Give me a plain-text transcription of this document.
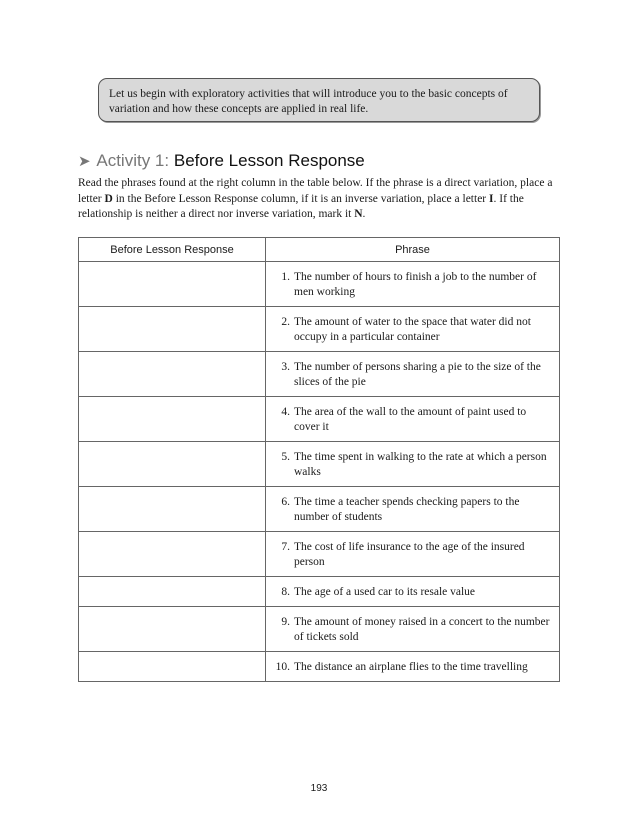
Let us begin with exploratory activities that will introduce you to the basic concepts of variation and how these concepts are applied in real life.
➤ Activity 1: Before Lesson Response
Read the phrases found at the right column in the table below. If the phrase is a direct variation, place a letter D in the Before Lesson Response column, if it is an inverse variation, place a letter I. If the relationship is neither a direct nor inverse variation, mark it N.
Before Lesson Response	Phrase

	1. The number of hours to finish a job to the number of men working

	2. The amount of water to the space that water did not occupy in a particular container

	3. The number of persons sharing a pie to the size of the slices of the pie

	4. The area of the wall to the amount of paint used to cover it

	5. The time spent in walking to the rate at which a person walks

	6. The time a teacher spends checking papers to the number of students

	7. The cost of life insurance to the age of the insured person

	8. The age of a used car to its resale value

	9. The amount of money raised in a concert to the number of tickets sold

	10. The distance an airplane flies to the time travelling
193
